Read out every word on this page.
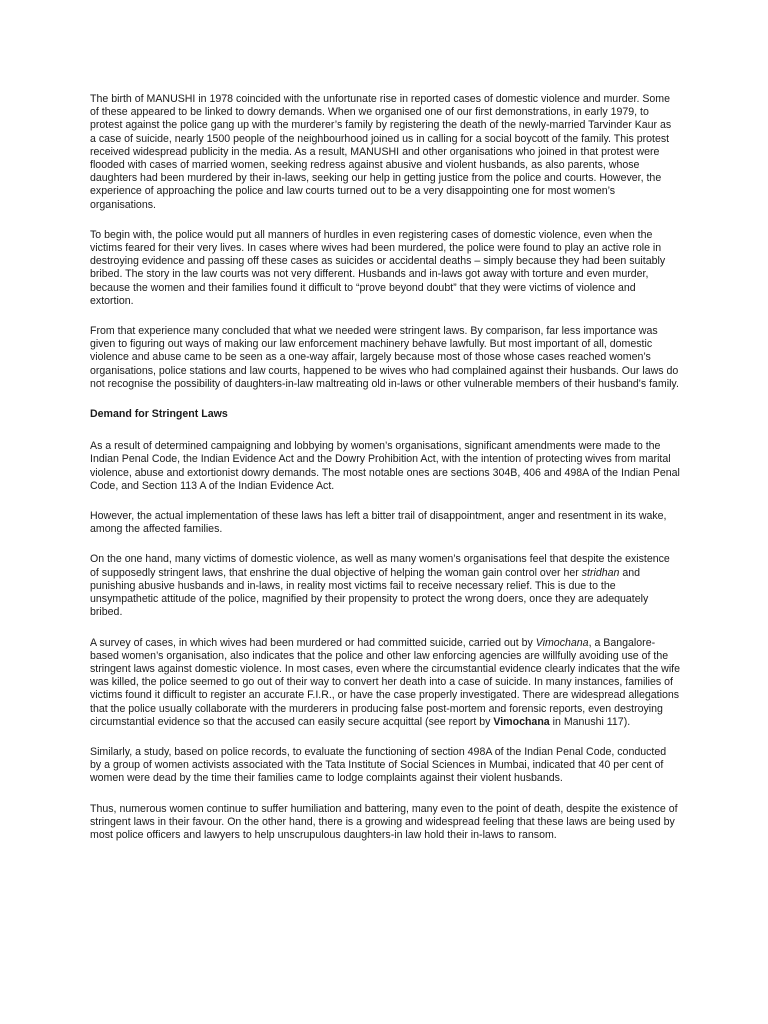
The birth of MANUSHI in 1978 coincided with the unfortunate rise in reported cases of domestic violence and murder. Some of these appeared to be linked to dowry demands. When we organised one of our first demonstrations, in early 1979, to protest against the police gang up with the murderer’s family by registering the death of the newly-married Tarvinder Kaur as a case of suicide, nearly 1500 people of the neighbourhood joined us in calling for a social boycott of the family. This protest received widespread publicity in the media. As a result, MANUSHI and other organisations who joined in that protest were flooded with cases of married women, seeking redress against abusive and violent husbands, as also parents, whose daughters had been murdered by their in-laws, seeking our help in getting justice from the police and courts. However, the experience of approaching the police and law courts turned out to be a very disappointing one for most women’s organisations.

To begin with, the police would put all manners of hurdles in even registering cases of domestic violence, even when the victims feared for their very lives. In cases where wives had been murdered, the police were found to play an active role in destroying evidence and passing off these cases as suicides or accidental deaths – simply because they had been suitably bribed. The story in the law courts was not very different. Husbands and in-laws got away with torture and even murder, because the women and their families found it difficult to “prove beyond doubt” that they were victims of violence and extortion.

From that experience many concluded that what we needed were stringent laws. By comparison, far less importance was given to figuring out ways of making our law enforcement machinery behave lawfully. But most important of all, domestic violence and abuse came to be seen as a one-way affair, largely because most of those whose cases reached women’s organisations, police stations and law courts, happened to be wives who had complained against their husbands. Our laws do not recognise the possibility of daughters-in-law maltreating old in-laws or other vulnerable members of their husband's family.

Demand for Stringent Laws

As a result of determined campaigning and lobbying by women’s organisations, significant amendments were made to the Indian Penal Code, the Indian Evidence Act and the Dowry Prohibition Act, with the intention of protecting wives from marital violence, abuse and extortionist dowry demands. The most notable ones are sections 304B, 406 and 498A of the Indian Penal Code, and Section 113 A of the Indian Evidence Act.

However, the actual implementation of these laws has left a bitter trail of disappointment, anger and resentment in its wake, among the affected families.

On the one hand, many victims of domestic violence, as well as many women’s organisations feel that despite the existence of supposedly stringent laws, that enshrine the dual objective of helping the woman gain control over her stridhan and punishing abusive husbands and in-laws, in reality most victims fail to receive necessary relief. This is due to the unsympathetic attitude of the police, magnified by their propensity to protect the wrong doers, once they are adequately bribed.

A survey of cases, in which wives had been murdered or had committed suicide, carried out by Vimochana, a Bangalore-based women’s organisation, also indicates that the police and other law enforcing agencies are willfully avoiding use of the stringent laws against domestic violence. In most cases, even where the circumstantial evidence clearly indicates that the wife was killed, the police seemed to go out of their way to convert her death into a case of suicide. In many instances, families of victims found it difficult to register an accurate F.I.R., or have the case properly investigated. There are widespread allegations that the police usually collaborate with the murderers in producing false post-mortem and forensic reports, even destroying circumstantial evidence so that the accused can easily secure acquittal (see report by Vimochana in Manushi 117).

Similarly, a study, based on police records, to evaluate the functioning of section 498A of the Indian Penal Code, conducted by a group of women activists associated with the Tata Institute of Social Sciences in Mumbai, indicated that 40 per cent of women were dead by the time their families came to lodge complaints against their violent husbands.

Thus, numerous women continue to suffer humiliation and battering, many even to the point of death, despite the existence of stringent laws in their favour. On the other hand, there is a growing and widespread feeling that these laws are being used by most police officers and lawyers to help unscrupulous daughters-in law hold their in-laws to ransom.
